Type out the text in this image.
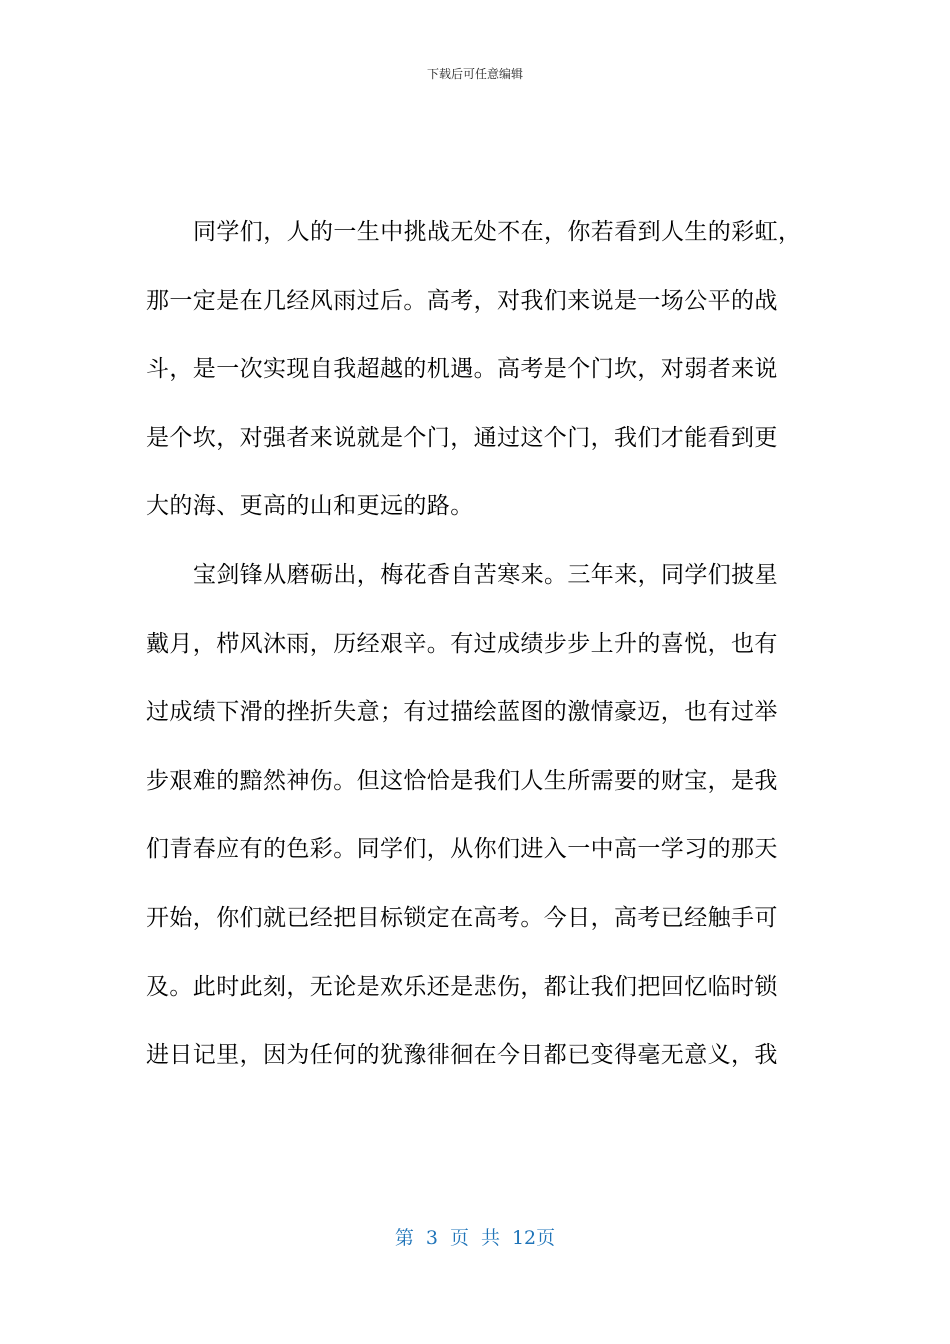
下载后可任意编辑
同学们，人的一生中挑战无处不在，你若看到人生的彩虹，
那一定是在几经风雨过后。高考，对我们来说是一场公平的战
斗，是一次实现自我超越的机遇。高考是个门坎，对弱者来说
是个坎，对强者来说就是个门，通过这个门，我们才能看到更
大的海、更高的山和更远的路。
宝剑锋从磨砺出，梅花香自苦寒来。三年来，同学们披星
戴月，栉风沐雨，历经艰辛。有过成绩步步上升的喜悦，也有
过成绩下滑的挫折失意；有过描绘蓝图的激情豪迈，也有过举
步艰难的黯然神伤。但这恰恰是我们人生所需要的财宝，是我
们青春应有的色彩。同学们，从你们进入一中高一学习的那天
开始，你们就已经把目标锁定在高考。今日，高考已经触手可
及。此时此刻，无论是欢乐还是悲伤，都让我们把回忆临时锁
进日记里，因为任何的犹豫徘徊在今日都已变得毫无意义，我
第 3 页 共 12页
